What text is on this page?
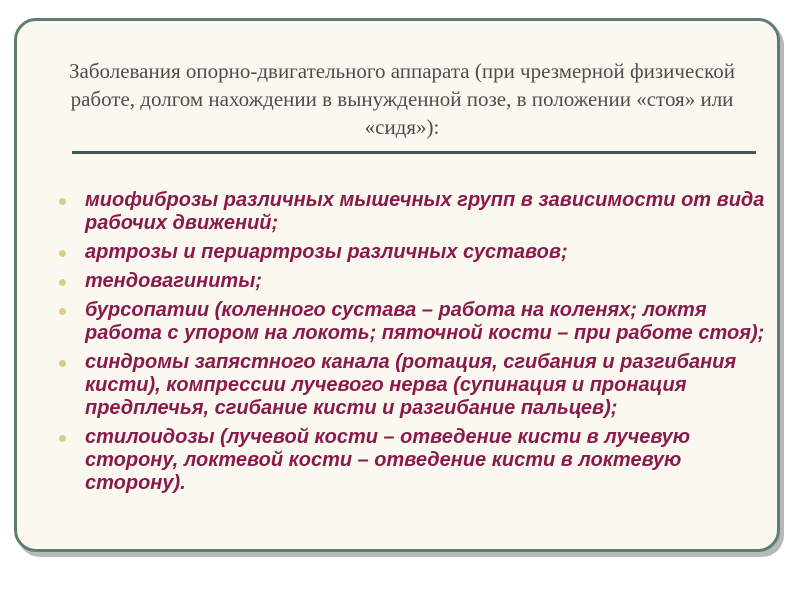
Заболевания опорно-двигательного аппарата (при чрезмерной физической работе, долгом нахождении в вынужденной позе, в положении «стоя» или «сидя»):

миофиброзы различных мышечных групп в зависимости от вида рабочих движений;
артрозы и периартрозы различных суставов;
тендовагиниты;
бурсопатии (коленного сустава – работа на коленях; локтя работа с упором на локоть; пяточной кости – при работе стоя);
синдромы запястного канала (ротация, сгибания и разгибания кисти), компрессии лучевого нерва (супинация и пронация предплечья, сгибание кисти и разгибание пальцев);
стилоидозы (лучевой кости – отведение кисти в лучевую сторону, локтевой кости – отведение кисти в локтевую сторону).
